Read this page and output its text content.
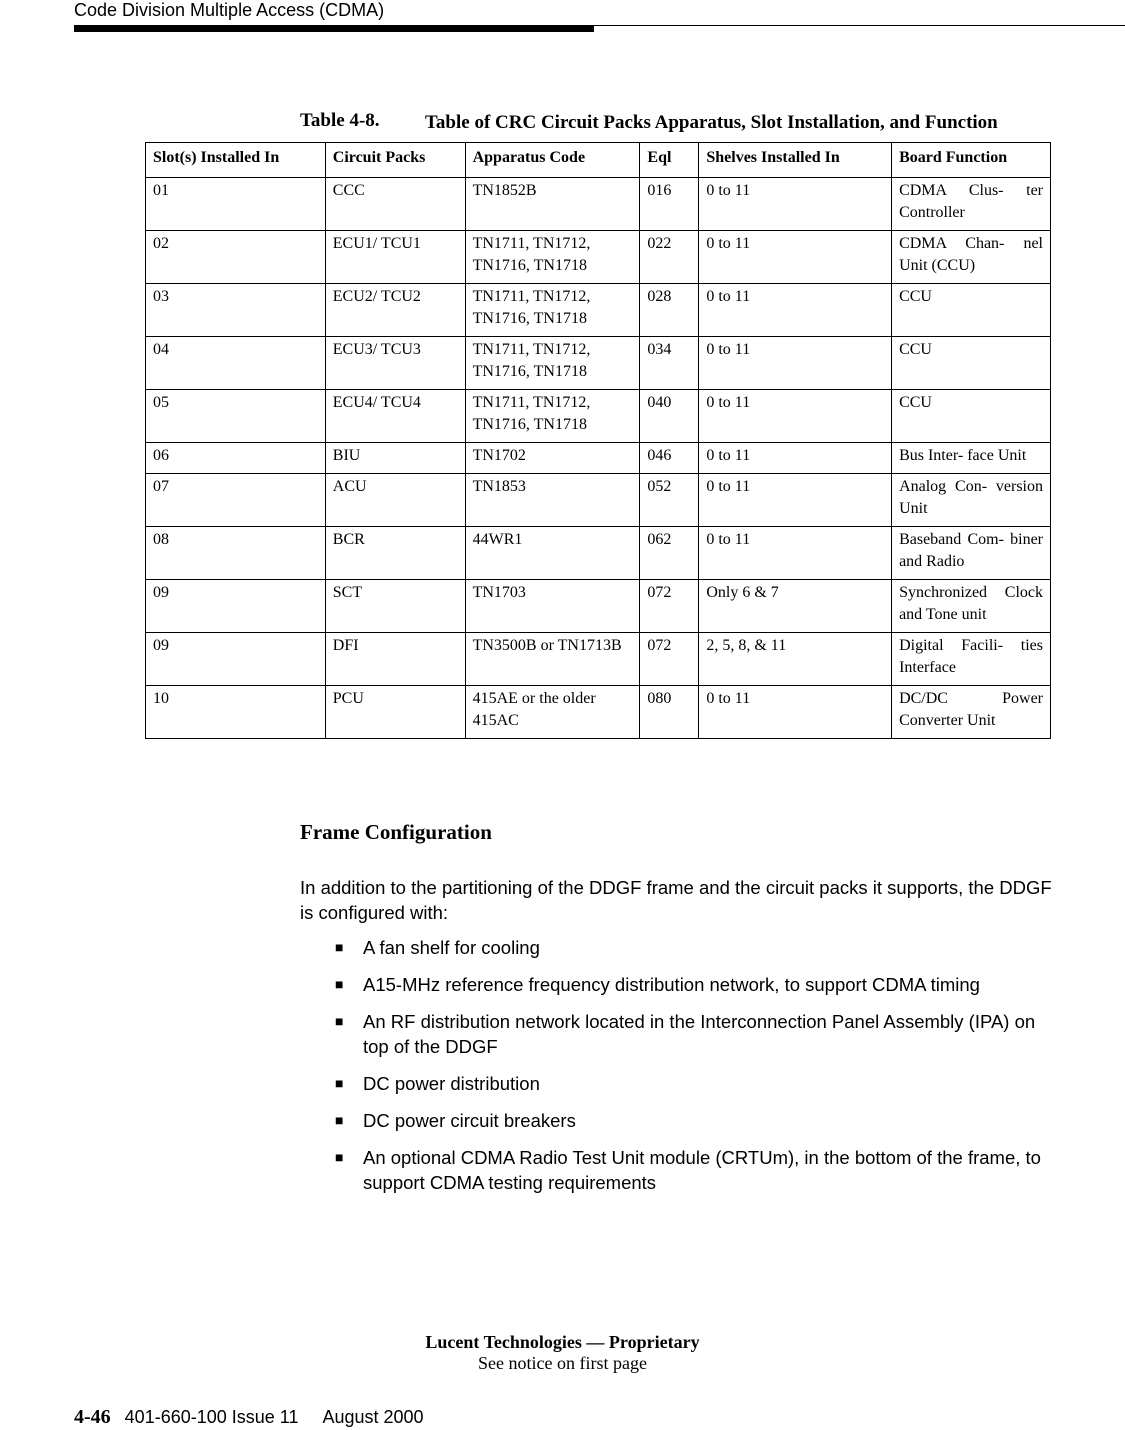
Code Division Multiple Access (CDMA)
Table 4-8. Table of CRC Circuit Packs Apparatus, Slot Installation, and Function
Slot(s) Installed In	Circuit Packs	Apparatus Code	Eql	Shelves Installed In	Board Function
01	CCC	TN1852B	016	0 to 11	CDMA Clus- ter Controller
02	ECU1/ TCU1	TN1711, TN1712, TN1716, TN1718	022	0 to 11	CDMA Chan- nel Unit (CCU)
03	ECU2/ TCU2	TN1711, TN1712, TN1716, TN1718	028	0 to 11	CCU
04	ECU3/ TCU3	TN1711, TN1712, TN1716, TN1718	034	0 to 11	CCU
05	ECU4/ TCU4	TN1711, TN1712, TN1716, TN1718	040	0 to 11	CCU
06	BIU	TN1702	046	0 to 11	Bus Inter- face Unit
07	ACU	TN1853	052	0 to 11	Analog Con- version Unit
08	BCR	44WR1	062	0 to 11	Baseband Com- biner and Radio
09	SCT	TN1703	072	Only 6 & 7	Synchronized Clock and Tone unit
09	DFI	TN3500B or TN1713B	072	2, 5, 8, & 11	Digital Facili- ties Interface
10	PCU	415AE or the older 415AC	080	0 to 11	DC/DC Power Converter Unit
Frame Configuration
In addition to the partitioning of the DDGF frame and the circuit packs it supports, the DDGF is configured with:
■ A fan shelf for cooling
■ A15-MHz reference frequency distribution network, to support CDMA timing
■ An RF distribution network located in the Interconnection Panel Assembly (IPA) on top of the DDGF
■ DC power distribution
■ DC power circuit breakers
■ An optional CDMA Radio Test Unit module (CRTUm), in the bottom of the frame, to support CDMA testing requirements
Lucent Technologies — Proprietary
See notice on first page
4-46 401-660-100 Issue 11 August 2000
